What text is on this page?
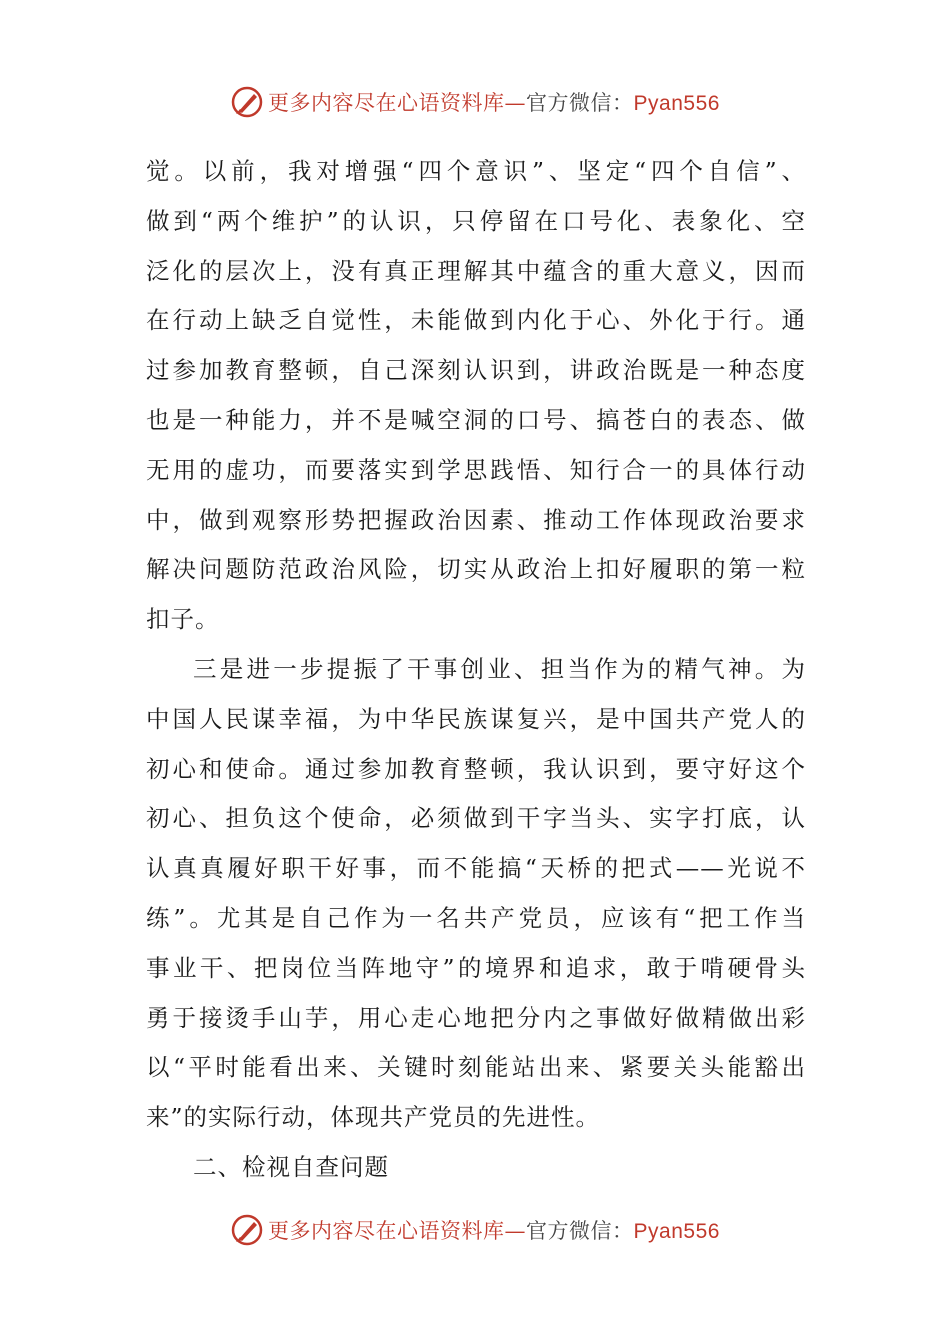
更多内容尽在心语资料库—官方微信：Pyan556
觉。以前，我对增强“四个意识”、坚定“四个自信”、
做到“两个维护”的认识，只停留在口号化、表象化、空
泛化的层次上，没有真正理解其中蕴含的重大意义，因而
在行动上缺乏自觉性，未能做到内化于心、外化于行。通
过参加教育整顿，自己深刻认识到，讲政治既是一种态度
也是一种能力，并不是喊空洞的口号、搞苍白的表态、做
无用的虚功，而要落实到学思践悟、知行合一的具体行动
中，做到观察形势把握政治因素、推动工作体现政治要求
解决问题防范政治风险，切实从政治上扣好履职的第一粒
扣子。
三是进一步提振了干事创业、担当作为的精气神。为
中国人民谋幸福，为中华民族谋复兴，是中国共产党人的
初心和使命。通过参加教育整顿，我认识到，要守好这个
初心、担负这个使命，必须做到干字当头、实字打底，认
认真真履好职干好事，而不能搞“天桥的把式——光说不
练”。尤其是自己作为一名共产党员，应该有“把工作当
事业干、把岗位当阵地守”的境界和追求，敢于啃硬骨头
勇于接烫手山芋，用心走心地把分内之事做好做精做出彩
以“平时能看出来、关键时刻能站出来、紧要关头能豁出
来”的实际行动，体现共产党员的先进性。
二、检视自查问题
更多内容尽在心语资料库—官方微信：Pyan556
